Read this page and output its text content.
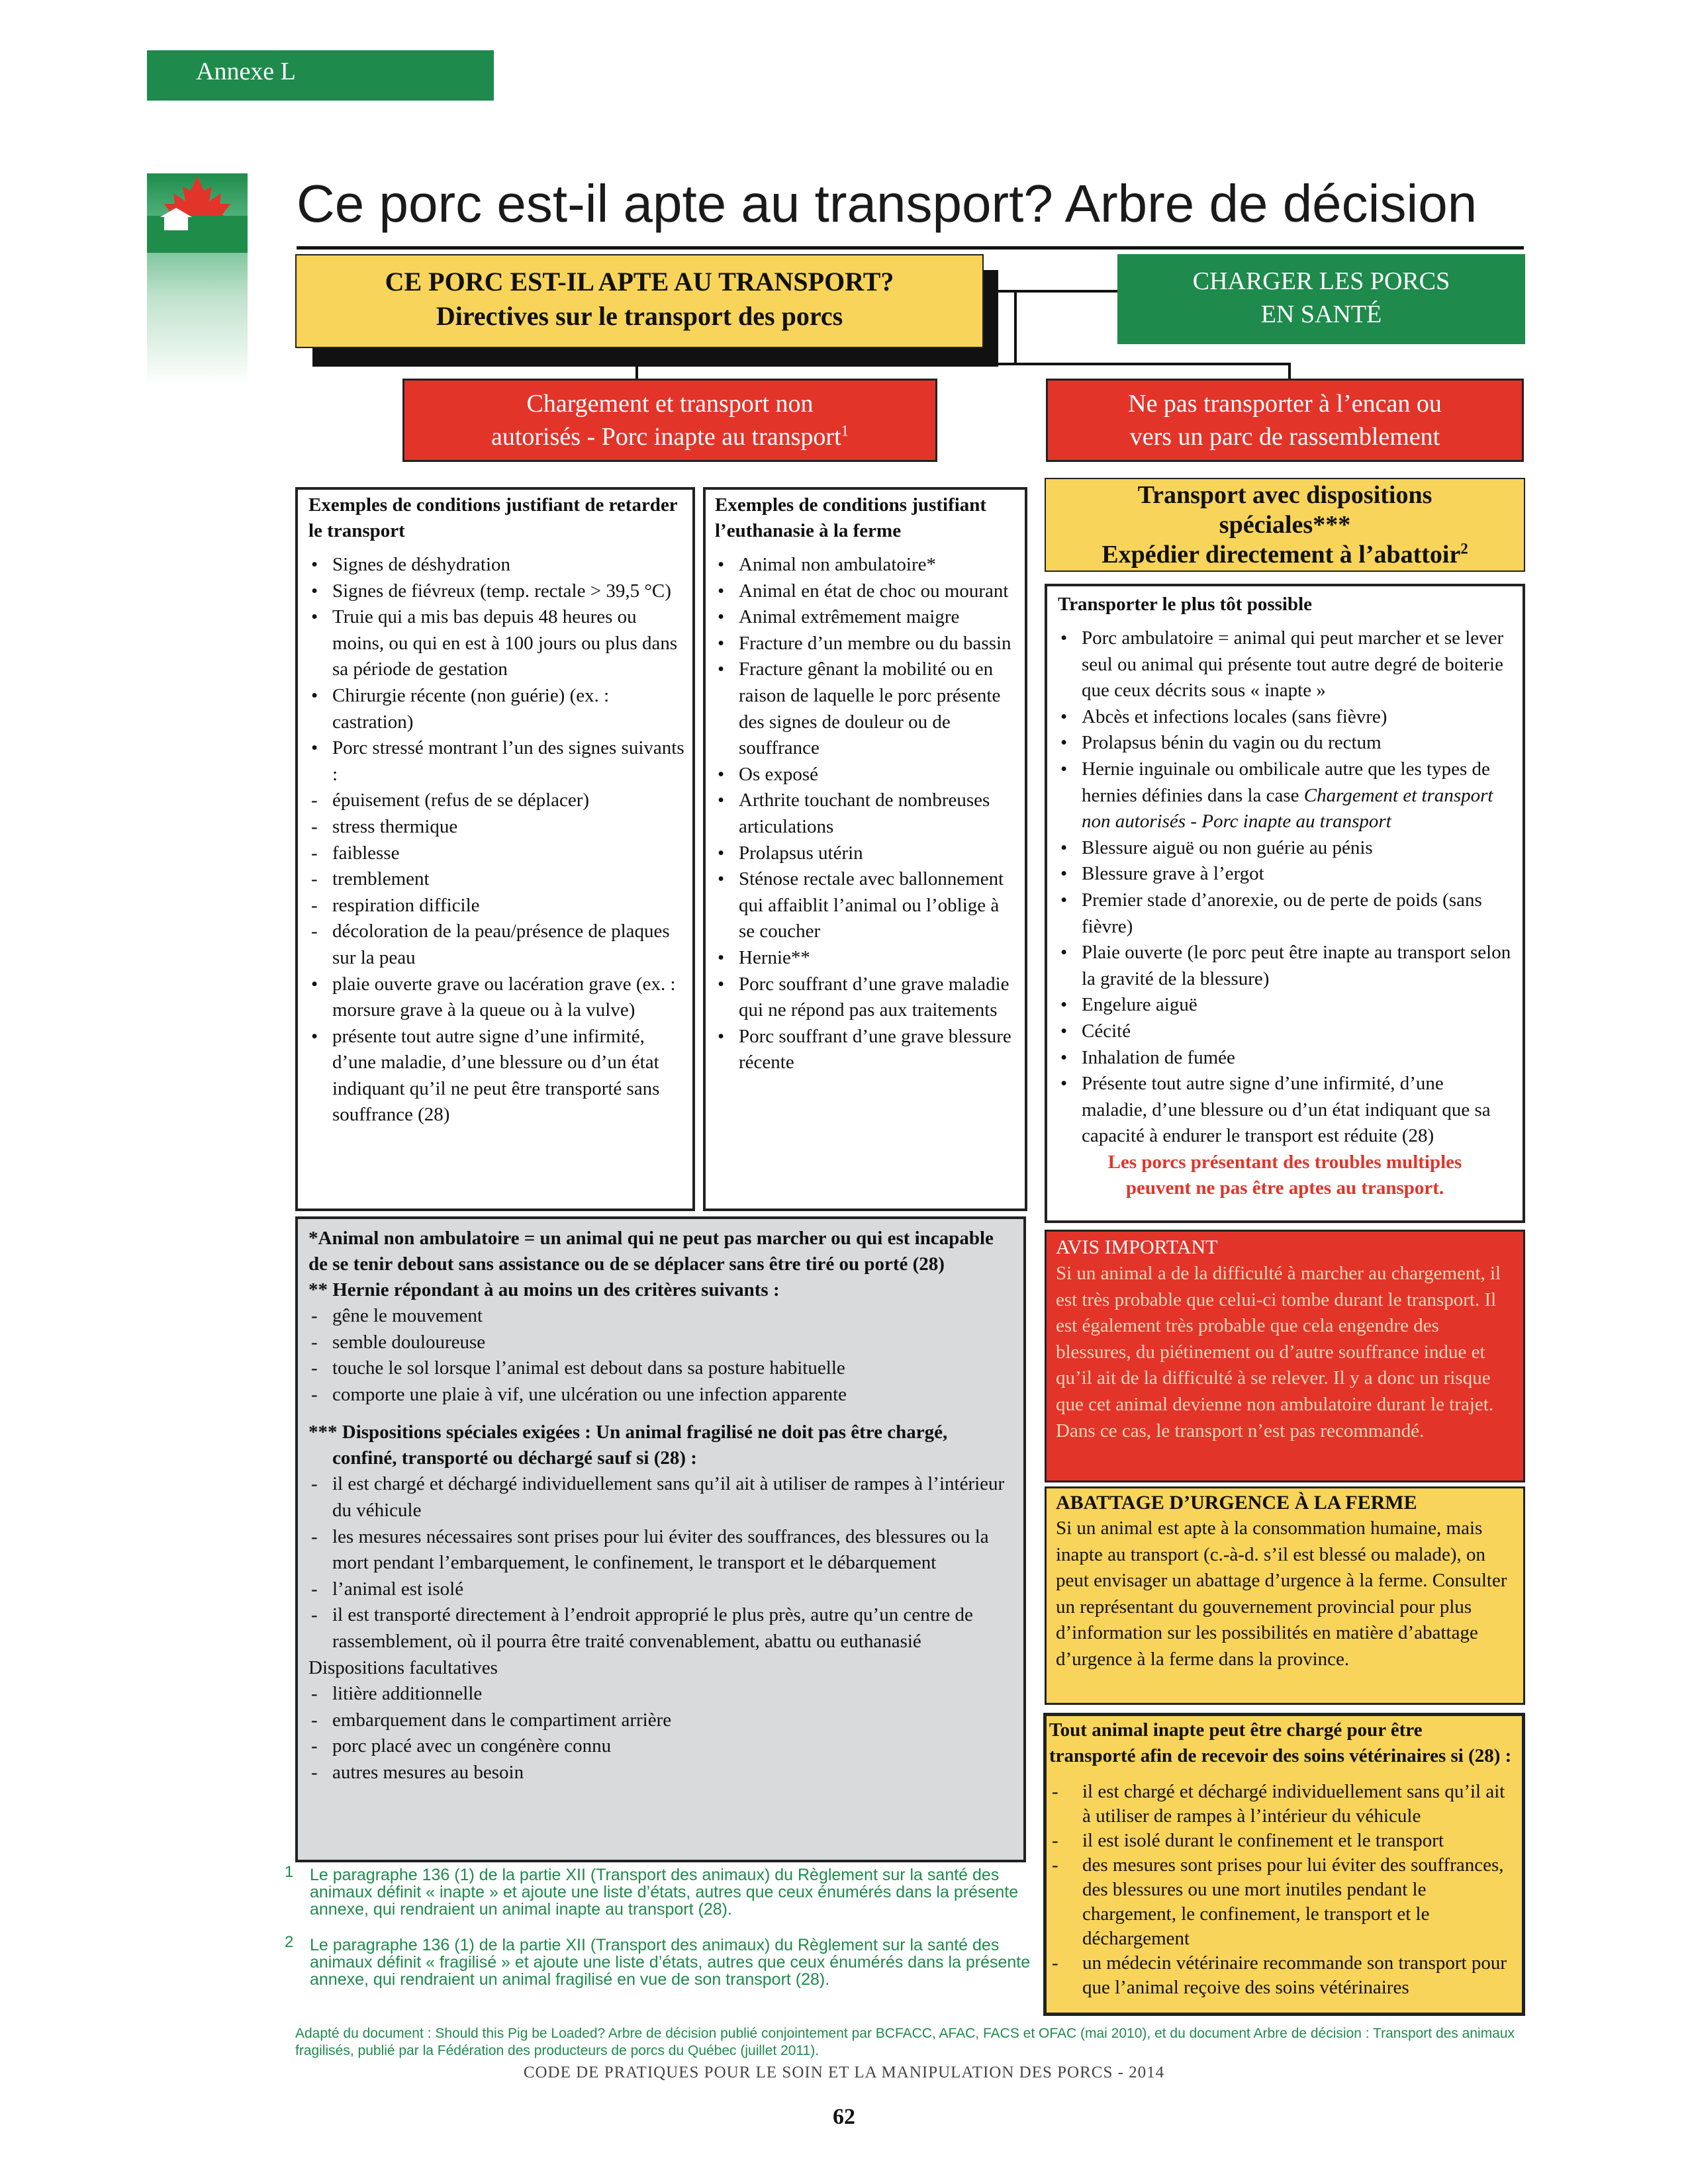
Annexe L
Ce porc est-il apte au transport? Arbre de décision
CE PORC EST-IL APTE AU TRANSPORT?
Directives sur le transport des porcs
CHARGER LES PORCS
EN SANTÉ
Chargement et transport non
autorisés - Porc inapte au transport$^1$
Ne pas transporter à l’encan ou
vers un parc de rassemblement
Exemples de conditions justifiant de retarder le transport
• Signes de déshydration
• Signes de fiévreux (temp. rectale > 39,5 °C)
• Truie qui a mis bas depuis 48 heures ou moins, ou qui en est à 100 jours ou plus dans sa période de gestation
• Chirurgie récente (non guérie) (ex. : castration)
• Porc stressé montrant l’un des signes suivants :
- épuisement (refus de se déplacer)
- stress thermique
- faiblesse
- tremblement
- respiration difficile
- décoloration de la peau/présence de plaques sur la peau
• plaie ouverte grave ou lacération grave (ex. : morsure grave à la queue ou à la vulve)
• présente tout autre signe d’une infirmité, d’une maladie, d’une blessure ou d’un état indiquant qu’il ne peut être transporté sans souffrance (28)
Exemples de conditions justifiant l’euthanasie à la ferme
• Animal non ambulatoire*
• Animal en état de choc ou mourant
• Animal extrêmement maigre
• Fracture d’un membre ou du bassin
• Fracture gênant la mobilité ou en raison de laquelle le porc présente des signes de douleur ou de souffrance
• Os exposé
• Arthrite touchant de nombreuses articulations
• Prolapsus utérin
• Sténose rectale avec ballonnement qui affaiblit l’animal ou l’oblige à se coucher
• Hernie**
• Porc souffrant d’une grave maladie qui ne répond pas aux traitements
• Porc souffrant d’une grave blessure récente
Transport avec dispositions
spéciales***
Expédier directement à l’abattoir$^2$
Transporter le plus tôt possible
• Porc ambulatoire = animal qui peut marcher et se lever seul ou animal qui présente tout autre degré de boiterie que ceux décrits sous « inapte »
• Abcès et infections locales (sans fièvre)
• Prolapsus bénin du vagin ou du rectum
• Hernie inguinale ou ombilicale autre que les types de hernies définies dans la case Chargement et transport non autorisés - Porc inapte au transport
• Blessure aiguë ou non guérie au pénis
• Blessure grave à l’ergot
• Premier stade d’anorexie, ou de perte de poids (sans fièvre)
• Plaie ouverte (le porc peut être inapte au transport selon la gravité de la blessure)
• Engelure aiguë
• Cécité
• Inhalation de fumée
• Présente tout autre signe d’une infirmité, d’une maladie, d’une blessure ou d’un état indiquant que sa capacité à endurer le transport est réduite (28)
Les porcs présentant des troubles multiples
peuvent ne pas être aptes au transport.
*Animal non ambulatoire = un animal qui ne peut pas marcher ou qui est incapable de se tenir debout sans assistance ou de se déplacer sans être tiré ou porté (28)
** Hernie répondant à au moins un des critères suivants :
- gêne le mouvement
- semble douloureuse
- touche le sol lorsque l’animal est debout dans sa posture habituelle
- comporte une plaie à vif, une ulcération ou une infection apparente
*** Dispositions spéciales exigées : Un animal fragilisé ne doit pas être chargé, confiné, transporté ou déchargé sauf si (28) :
- il est chargé et déchargé individuellement sans qu’il ait à utiliser de rampes à l’intérieur du véhicule
- les mesures nécessaires sont prises pour lui éviter des souffrances, des blessures ou la mort pendant l’embarquement, le confinement, le transport et le débarquement
- l’animal est isolé
- il est transporté directement à l’endroit approprié le plus près, autre qu’un centre de rassemblement, où il pourra être traité convenablement, abattu ou euthanasié
Dispositions facultatives
- litière additionnelle
- embarquement dans le compartiment arrière
- porc placé avec un congénère connu
- autres mesures au besoin
AVIS IMPORTANT
Si un animal a de la difficulté à marcher au chargement, il est très probable que celui-ci tombe durant le transport. Il est également très probable que cela engendre des blessures, du piétinement ou d’autre souffrance indue et qu’il ait de la difficulté à se relever. Il y a donc un risque que cet animal devienne non ambulatoire durant le trajet. Dans ce cas, le transport n’est pas recommandé.
ABATTAGE D’URGENCE À LA FERME
Si un animal est apte à la consommation humaine, mais inapte au transport (c.-à-d. s’il est blessé ou malade), on peut envisager un abattage d’urgence à la ferme. Consulter un représentant du gouvernement provincial pour plus d’information sur les possibilités en matière d’abattage d’urgence à la ferme dans la province.
Tout animal inapte peut être chargé pour être transporté afin de recevoir des soins vétérinaires si (28) :
- il est chargé et déchargé individuellement sans qu’il ait à utiliser de rampes à l’intérieur du véhicule
- il est isolé durant le confinement et le transport
- des mesures sont prises pour lui éviter des souffrances, des blessures ou une mort inutiles pendant le chargement, le confinement, le transport et le déchargement
- un médecin vétérinaire recommande son transport pour que l’animal reçoive des soins vétérinaires
1 Le paragraphe 136 (1) de la partie XII (Transport des animaux) du Règlement sur la santé des animaux définit « inapte » et ajoute une liste d’états, autres que ceux énumérés dans la présente annexe, qui rendraient un animal inapte au transport (28).
2 Le paragraphe 136 (1) de la partie XII (Transport des animaux) du Règlement sur la santé des animaux définit « fragilisé » et ajoute une liste d’états, autres que ceux énumérés dans la présente annexe, qui rendraient un animal fragilisé en vue de son transport (28).
Adapté du document : Should this Pig be Loaded? Arbre de décision publié conjointement par BCFACC, AFAC, FACS et OFAC (mai 2010), et du document Arbre de décision : Transport des animaux fragilisés, publié par la Fédération des producteurs de porcs du Québec (juillet 2011).
CODE DE PRATIQUES POUR LE SOIN ET LA MANIPULATION DES PORCS - 2014
62
